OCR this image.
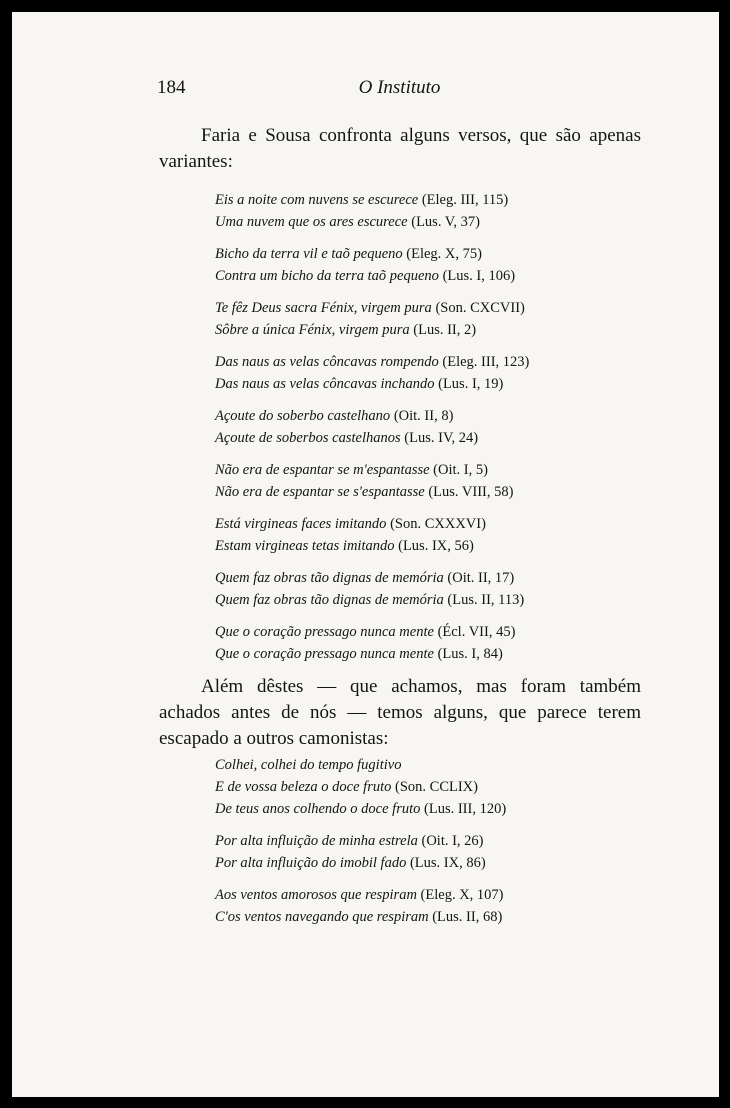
184	O Instituto

Faria e Sousa confronta alguns versos, que são apenas variantes:

Eis a noite com nuvens se escurece (Eleg. III, 115)
Uma nuvem que os ares escurece (Lus. V, 37)
Bicho da terra vil e taõ pequeno (Eleg. X, 75)
Contra um bicho da terra taõ pequeno (Lus. I, 106)
Te fêz Deus sacra Fénix, virgem pura (Son. CXCVII)
Sôbre a única Fénix, virgem pura (Lus. II, 2)
Das naus as velas côncavas rompendo (Eleg. III, 123)
Das naus as velas côncavas inchando (Lus. I, 19)
Açoute do soberbo castelhano (Oit. II, 8)
Açoute de soberbos castelhanos (Lus. IV, 24)
Não era de espantar se m'espantasse (Oit. I, 5)
Não era de espantar se s'espantasse (Lus. VIII, 58)
Está virgineas faces imitando (Son. CXXXVI)
Estam virgineas tetas imitando (Lus. IX, 56)
Quem faz obras tão dignas de memória (Oit. II, 17)
Quem faz obras tão dignas de memória (Lus. II, 113)
Que o coração pressago nunca mente (Écl. VII, 45)
Que o coração pressago nunca mente (Lus. I, 84)

Além dêstes — que achamos, mas foram também achados antes de nós — temos alguns, que parece terem escapado a outros camonistas:

Colhei, colhei do tempo fugitivo
E de vossa beleza o doce fruto (Son. CCLIX)
De teus anos colhendo o doce fruto (Lus. III, 120)
Por alta influição de minha estrela (Oit. I, 26)
Por alta influição do imobil fado (Lus. IX, 86)
Aos ventos amorosos que respiram (Eleg. X, 107)
C'os ventos navegando que respiram (Lus. II, 68)
